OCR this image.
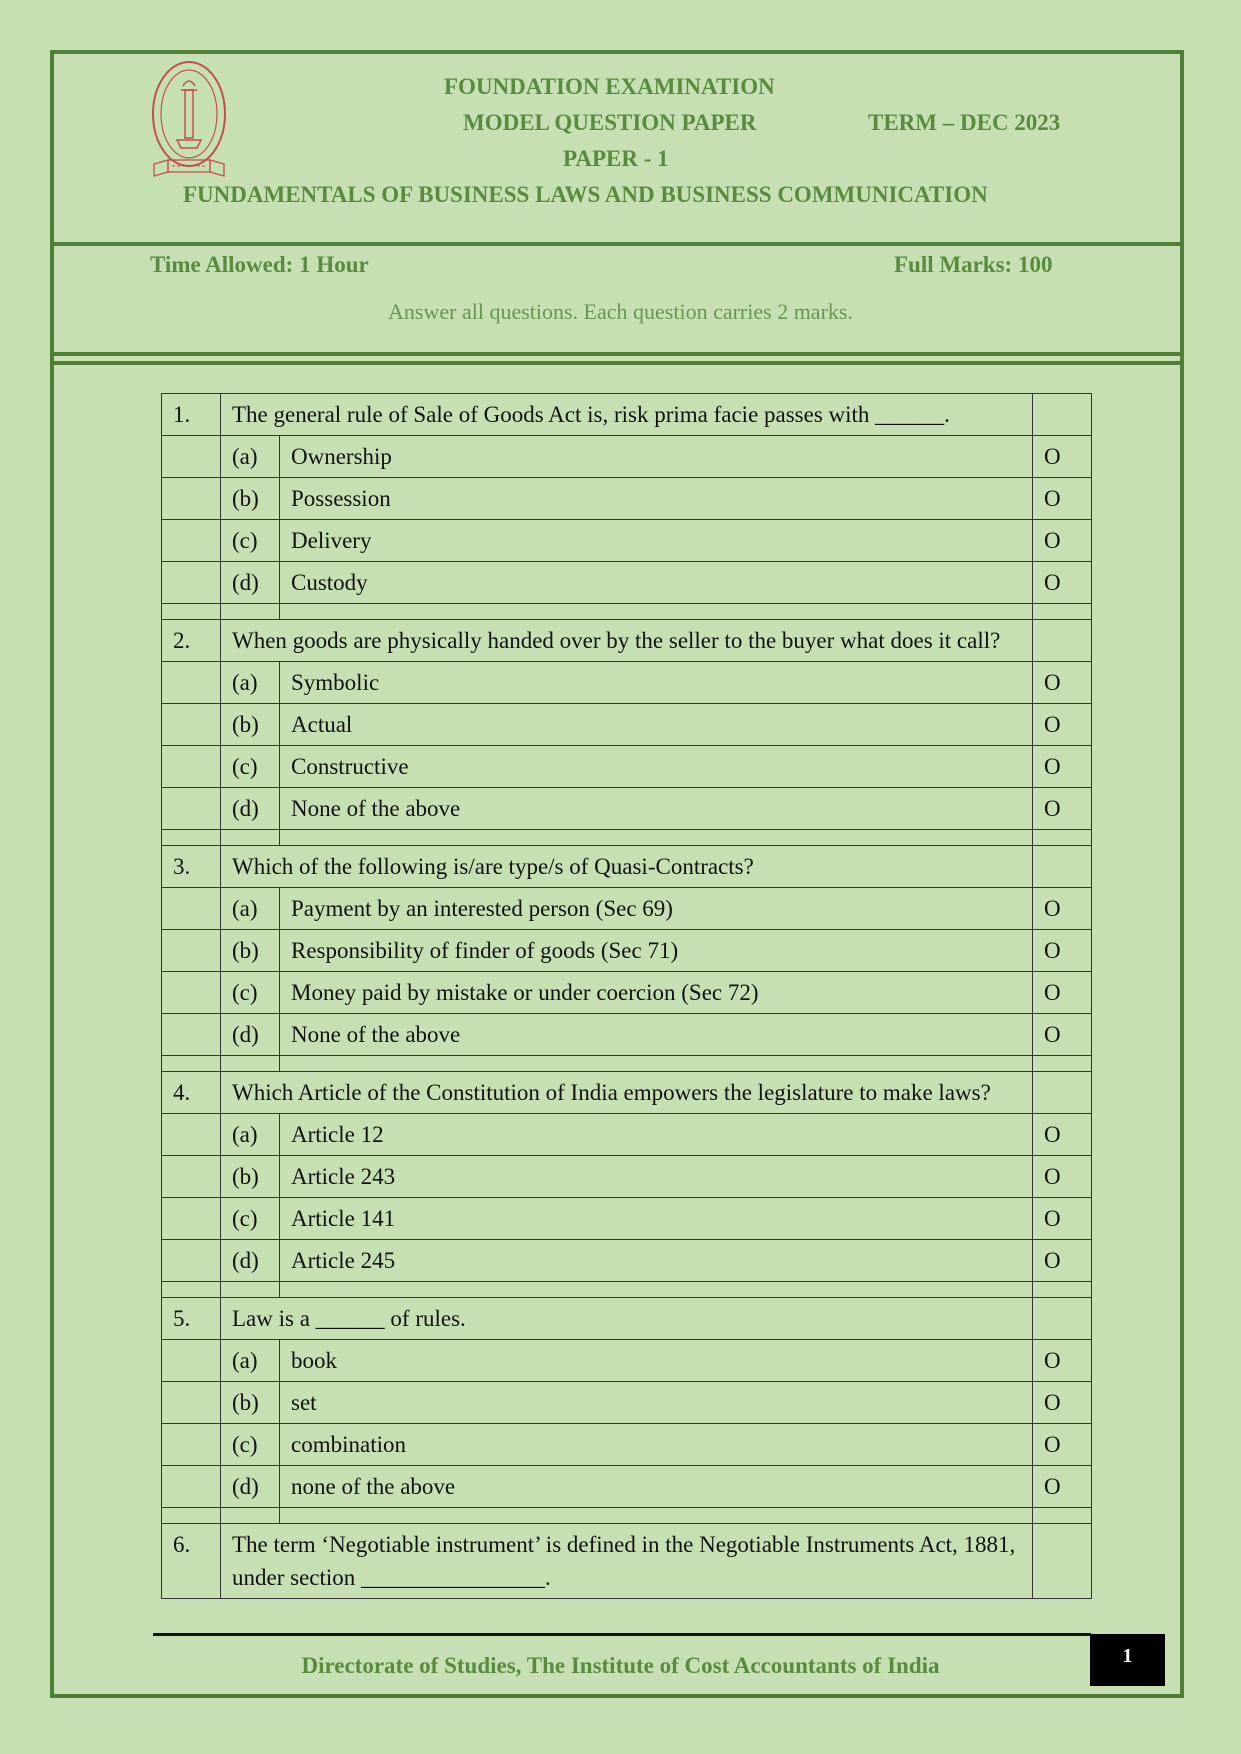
FOUNDATION EXAMINATION
MODEL QUESTION PAPER	TERM – DEC 2023
PAPER - 1
FUNDAMENTALS OF BUSINESS LAWS AND BUSINESS COMMUNICATION
Time Allowed: 1 Hour	Full Marks: 100
Answer all questions. Each question carries 2 marks.
1.	The general rule of Sale of Goods Act is, risk prima facie passes with ______.		
	(a)	Ownership	O
	(b)	Possession	O
	(c)	Delivery	O
	(d)	Custody	O

2.	When goods are physically handed over by the seller to the buyer what does it call?		
	(a)	Symbolic	O
	(b)	Actual	O
	(c)	Constructive	O
	(d)	None of the above	O

3.	Which of the following is/are type/s of Quasi-Contracts?		
	(a)	Payment by an interested person (Sec 69)	O
	(b)	Responsibility of finder of goods (Sec 71)	O
	(c)	Money paid by mistake or under coercion (Sec 72)	O
	(d)	None of the above	O

4.	Which Article of the Constitution of India empowers the legislature to make laws?		
	(a)	Article 12	O
	(b)	Article 243	O
	(c)	Article 141	O
	(d)	Article 245	O

5.	Law is a ______ of rules.		
	(a)	book	O
	(b)	set	O
	(c)	combination	O
	(d)	none of the above	O

6.	The term ‘Negotiable instrument’ is defined in the Negotiable Instruments Act, 1881, under section ________________.		
Directorate of Studies, The Institute of Cost Accountants of India	1
